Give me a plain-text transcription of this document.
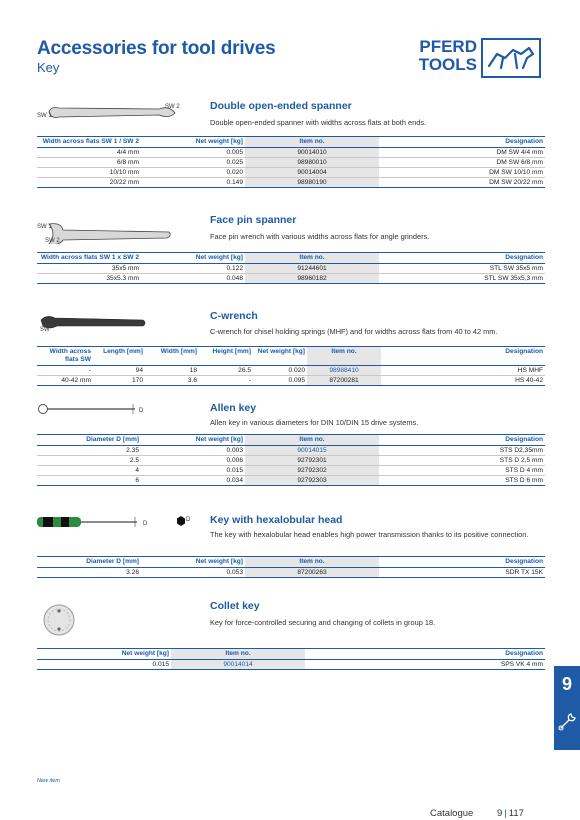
Accessories for tool drives
Key
PFERD
TOOLS
SW 1
SW 2	Double open-ended spanner
Double open-ended spanner with widths across flats at both ends.
Width across flats SW 1 / SW 2	Net weight [kg]	Item no.	Designation
4/4 mm	0.005	90014010	DM SW 4/4 mm
6/8 mm	0.025	98980010	DM SW 6/8 mm
10/10 mm	0.020	90014004	DM SW 10/10 mm
20/22 mm	0.149	98980190	DM SW 20/22 mm
SW 1
SW 2
Face pin spanner
Face pin wrench with various widths across flats for angle grinders.
Width across flats SW 1 x SW 2	Net weight [kg]	Item no.	Designation
35x5 mm	0.122	91244601	STL SW 35x5 mm
35x5.3 mm	0.048	98960182	STL SW 35x5,3 mm
SW
C-wrench
C-wrench for chisel holding springs (MHF) and for widths across flats from 40 to 42 mm.
Width across flats SW	Length [mm]	Width [mm]	Height [mm]	Net weight [kg]	Item no.	Designation
-	94	18	26.5	0.020	98988410	HS MHF
40-42 mm	170	3.6	-	0.095	87200281	HS 40-42
D	Allen key
Allen key in various diameters for DIN 10/DIN 15 drive systems.
Diameter D [mm]	Net weight [kg]	Item no.	Designation
2.35	0.003	90014015	STS D2,35mm
2.5	0.006	92792301	STS D 2,5 mm
4	0.015	92792302	STS D 4 mm
6	0.034	92792303	STS D 6 mm
D
D Key with hexalobular head
The key with hexalobular head enables high power transmission thanks to its positive connection.
Diameter D [mm]	Net weight [kg]	Item no.	Designation
3.26	0.053	87200263	SDR TX 15K
Collet key
Key for force-controlled securing and changing of collets in group 18.
Net weight [kg]	Item no.	Designation
0.015	90014014	SPS VK 4 mm
9
New item
Catalogue 9 | 117
